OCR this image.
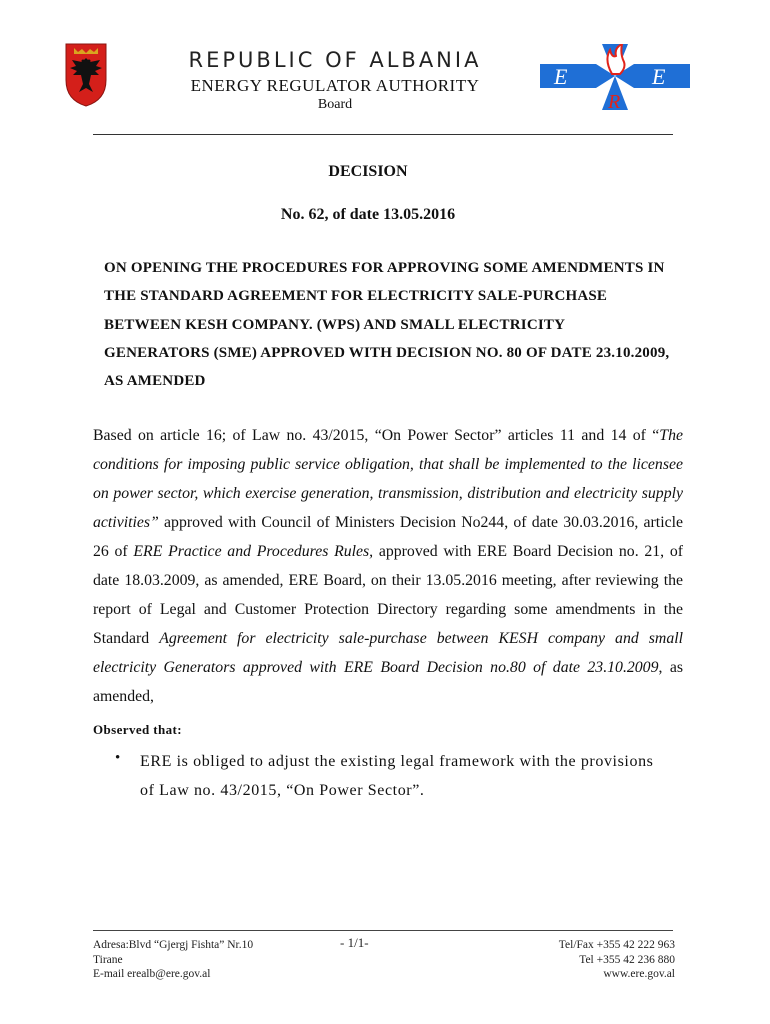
REPUBLIC OF ALBANIA
ENERGY REGULATOR AUTHORITY
Board
E
R
E
DECISION
No. 62, of date 13.05.2016
ON OPENING THE PROCEDURES FOR APPROVING SOME AMENDMENTS IN THE STANDARD AGREEMENT FOR ELECTRICITY SALE-PURCHASE BETWEEN KESH COMPANY. (WPS) AND SMALL ELECTRICITY GENERATORS (SME) APPROVED WITH DECISION NO. 80 OF DATE 23.10.2009, AS AMENDED

Based on article 16; of Law no. 43/2015, “On Power Sector” articles 11 and 14 of “The conditions for imposing public service obligation, that shall be implemented to the licensee on power sector, which exercise generation, transmission, distribution and electricity supply activities” approved with Council of Ministers Decision No244, of date 30.03.2016, article 26 of ERE Practice and Procedures Rules, approved with ERE Board Decision no. 21, of date 18.03.2009, as amended, ERE Board, on their 13.05.2016 meeting, after reviewing the report of Legal and Customer Protection Directory regarding some amendments in the Standard Agreement for electricity sale-purchase between KESH company and small electricity Generators approved with ERE Board Decision no.80 of date 23.10.2009, as amended,

Observed that:
• ERE is obliged to adjust the existing legal framework with the provisions of Law no. 43/2015, “On Power Sector”.
Adresa:Blvd “Gjergj Fishta” Nr.10
Tirane
E-mail erealb@ere.gov.al
- 1/1-	Tel/Fax +355 42 222 963
Tel +355 42 236 880
www.ere.gov.al
